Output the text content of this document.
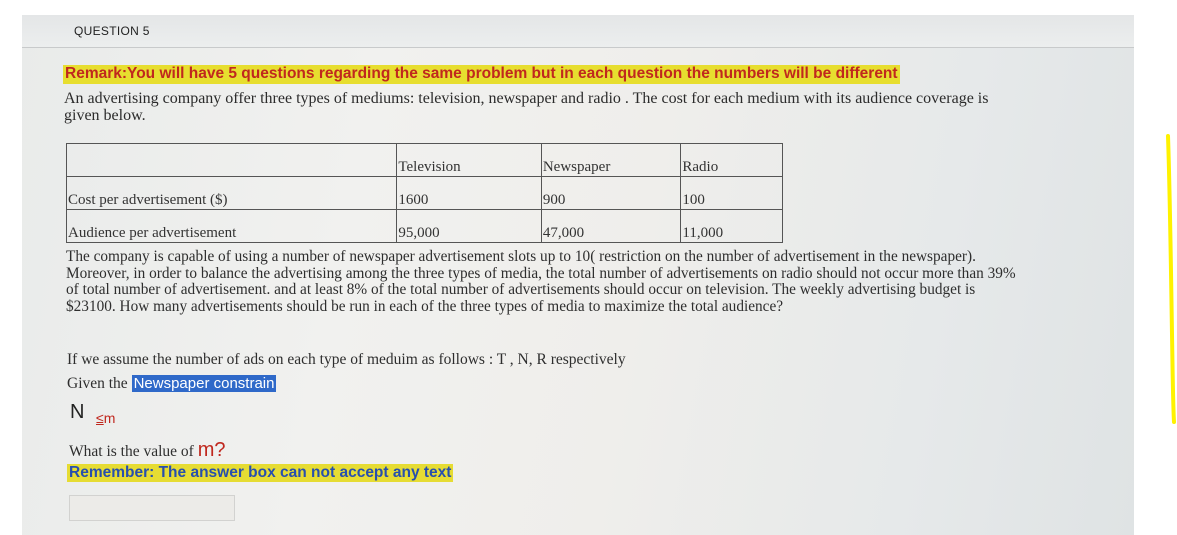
QUESTION 5
Remark:You will have 5 questions regarding the same problem but in each question the numbers will be different
An advertising company offer three types of mediums: television, newspaper and radio . The cost for each medium with its audience coverage is given below.
	Television	Newspaper	Radio
Cost per advertisement ($)	1600	900	100
Audience per advertisement	95,000	47,000	11,000
The company is capable of using a number of newspaper advertisement slots up to 10( restriction on the number of advertisement in the newspaper). Moreover, in order to balance the advertising among the three types of media, the total number of advertisements on radio should not occur more than 39% of total number of advertisement. and at least 8% of the total number of advertisements should occur on television. The weekly advertising budget is $23100. How many advertisements should be run in each of the three types of media to maximize the total audience?
If we assume the number of ads on each type of meduim as follows : T , N, R respectively
Given the Newspaper constrain
N $_{\le m}$
What is the value of m?
Remember: The answer box can not accept any text
